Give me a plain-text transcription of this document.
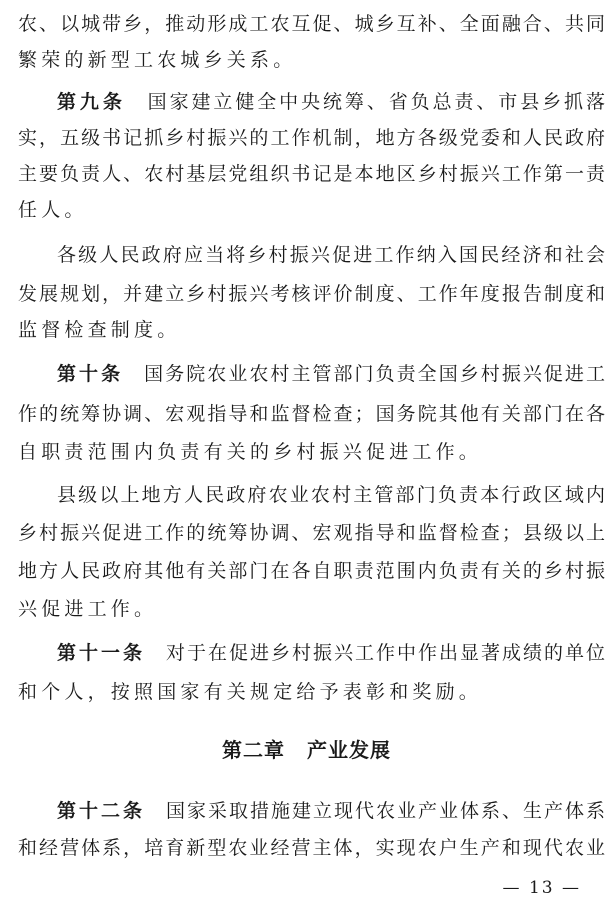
农、以城带乡，推动形成工农互促、城乡互补、全面融合、共同
繁荣的新型工农城乡关系。
第九条　 国家建立健全中央统筹、省负总责、市县乡抓落
实，五级书记抓乡村振兴的工作机制，地方各级党委和人民政府
主要负责人、农村基层党组织书记是本地区乡村振兴工作第一责
任人。
各级人民政府应当将乡村振兴促进工作纳入国民经济和社会
发展规划，并建立乡村振兴考核评价制度、工作年度报告制度和
监督检查制度。
第十条　 国务院农业农村主管部门负责全国乡村振兴促进工
作的统筹协调、宏观指导和监督检查；国务院其他有关部门在各
自职责范围内负责有关的乡村振兴促进工作。
县级以上地方人民政府农业农村主管部门负责本行政区域内
乡村振兴促进工作的统筹协调、宏观指导和监督检查；县级以上
地方人民政府其他有关部门在各自职责范围内负责有关的乡村振
兴促进工作。
第十一条　 对于在促进乡村振兴工作中作出显著成绩的单位
和个人，按照国家有关规定给予表彰和奖励。
第二章 产业发展
第十二条　 国家采取措施建立现代农业产业体系、生产体系
和经营体系，培育新型农业经营主体，实现农户生产和现代农业
— 13 —
